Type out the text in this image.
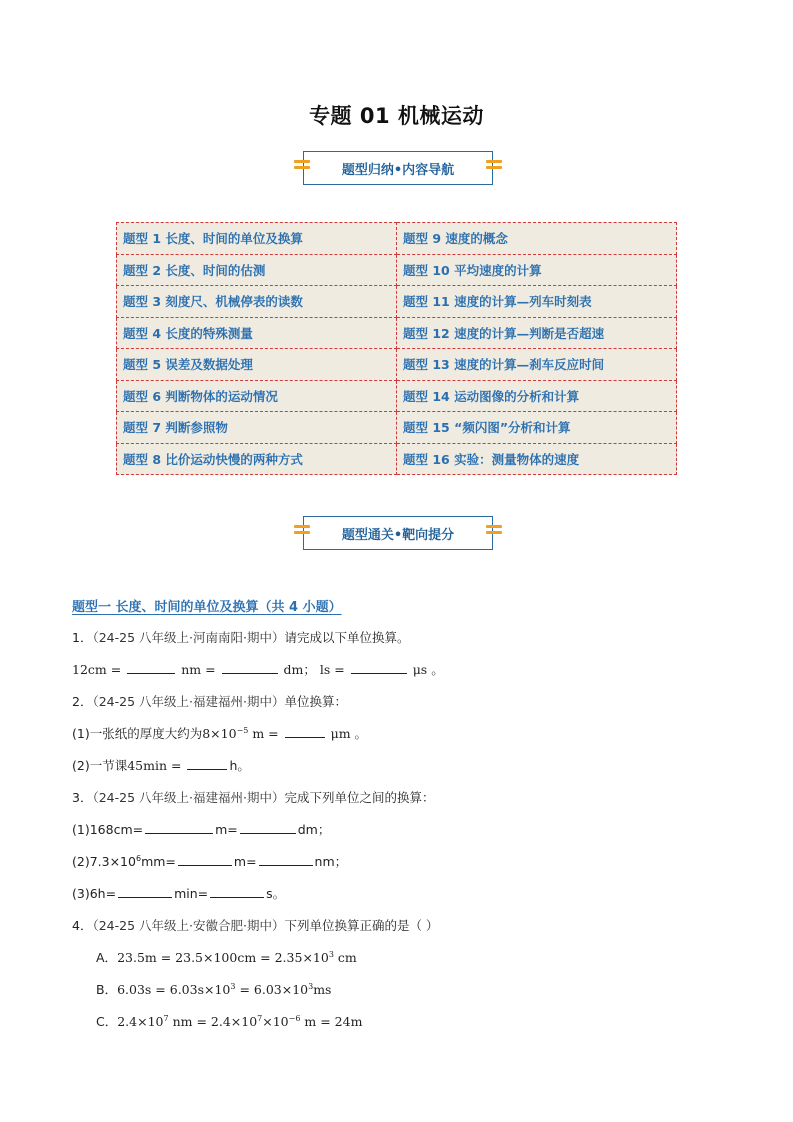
专题 01 机械运动
题型归纳•内容导航
题型 1 长度、时间的单位及换算	题型 9 速度的概念
题型 2 长度、时间的估测	题型 10 平均速度的计算
题型 3 刻度尺、机械停表的读数	题型 11 速度的计算—列车时刻表
题型 4 长度的特殊测量	题型 12 速度的计算—判断是否超速
题型 5 误差及数据处理	题型 13 速度的计算—刹车反应时间
题型 6 判断物体的运动情况	题型 14 运动图像的分析和计算
题型 7 判断参照物	题型 15 “频闪图”分析和计算
题型 8 比价运动快慢的两种方式	题型 16 实验：测量物体的速度
题型通关•靶向提分
题型一 长度、时间的单位及换算（共 4 小题）
1．（24-25 八年级上·河南南阳·期中）请完成以下单位换算。
12cm =	nm =	dm； ls =	μs 。
2．（24-25 八年级上·福建福州·期中）单位换算：
(1)一张纸的厚度大约为$8\times 10^{-5}$ m =	μm 。
(2)一节课45min =	h。
3．（24-25 八年级上·福建福州·期中）完成下列单位之间的换算：
(1)168cm=	m=	dm；
$(2)7.3\times 10^6mm=$	m=	nm；
(3)6h=	min=	s。
4．（24-25 八年级上·安徽合肥·期中）下列单位换算正确的是（ ）
A．$23.5m = 23.5\times 100cm = 2.35\times 10^3$ cm
B．$6.03s = 6.03s\times 10^3 = 6.03\times 10^3ms$
C．$2.4\times 10^7$ nm = $2.4\times 10^7\times 10^{-6}$ m = 24m
